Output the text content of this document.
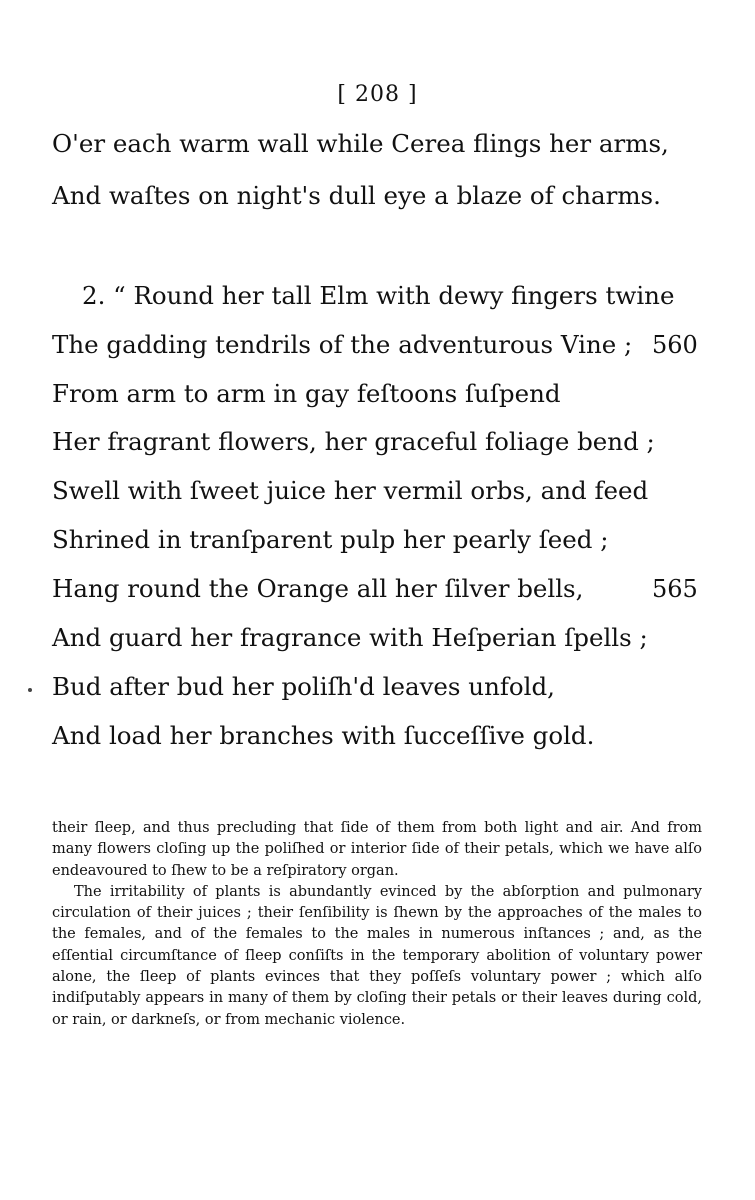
[ 208 ]
O'er each warm wall while Cerea flings her arms,
And waſtes on night's dull eye a blaze of charms.
2. “ Round her tall Elm with dewy fingers twine
The gadding tendrils of the adventurous Vine ; 560
From arm to arm in gay feſtoons ſuſpend
Her fragrant flowers, her graceful foliage bend ;
Swell with ſweet juice her vermil orbs, and feed
Shrined in tranſparent pulp her pearly ſeed ;
Hang round the Orange all her ſilver bells,	565
And guard her fragrance with Heſperian ſpells ;
Bud after bud her poliſh'd leaves unfold,
And load her branches with ſucceſſive gold.

their ſleep, and thus precluding that ſide of them from both light and air. And from many flowers cloſing up the poliſhed or interior ſide of their petals, which we have alſo endeavoured to ſhew to be a reſpiratory organ.

The irritability of plants is abundantly evinced by the abſorption and pulmonary circulation of their juices ; their ſenſibility is ſhewn by the approaches of the males to the females, and of the females to the males in numerous inſtances ; and, as the eſſential circumſtance of ſleep conſiſts in the temporary abolition of voluntary power alone, the ſleep of plants evinces that they poſſeſs voluntary power ; which alſo indiſputably appears in many of them by cloſing their petals or their leaves during cold, or rain, or darkneſs, or from mechanic violence.
